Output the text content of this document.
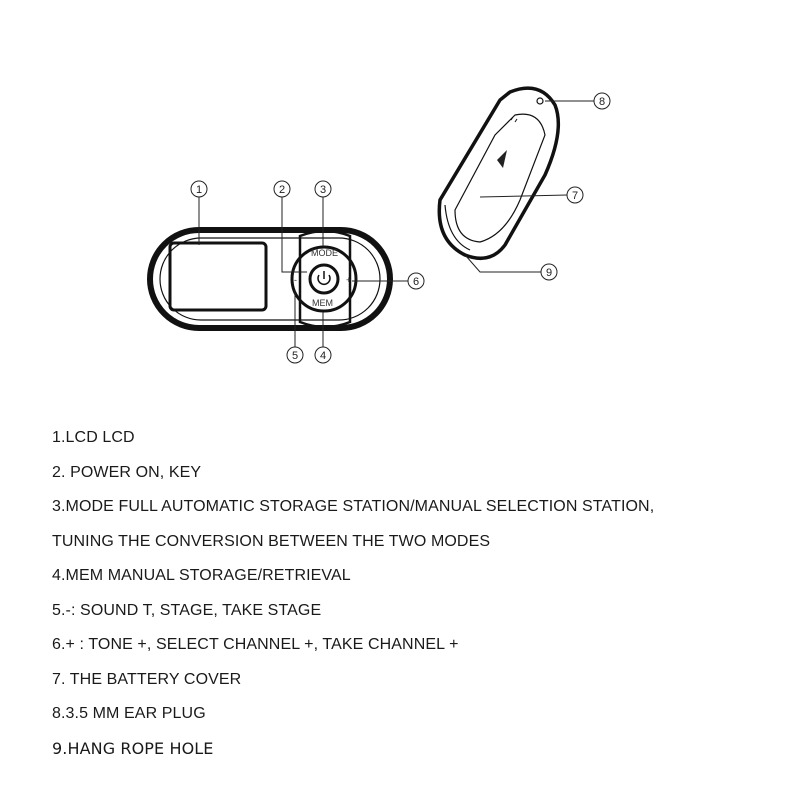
MODE
MEM
-	+
1	2	3
4
5
6
7
8
9
1.LCD LCD
2. POWER ON, KEY
3.MODE FULL AUTOMATIC STORAGE STATION/MANUAL SELECTION STATION,
TUNING THE CONVERSION BETWEEN THE TWO MODES
4.MEM MANUAL STORAGE/RETRIEVAL
5.-: SOUND T, STAGE, TAKE STAGE
6.+ : TONE +, SELECT CHANNEL +, TAKE CHANNEL +
7. THE BATTERY COVER
8.3.5 MM EAR PLUG
9.HANG ROPE HOLE
